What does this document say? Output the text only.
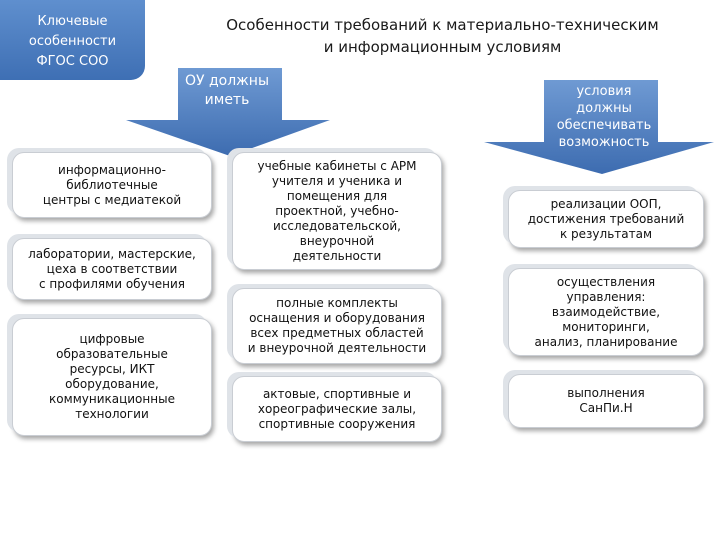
Ключевые
особенности
ФГОС СОО
Особенности требований к материально-техническим
и информационным условиям
ОУ должны
иметь
условия
должны
обеспечивать
возможность
информационно-
библиотечные
центры с медиатекой
лаборатории, мастерские,
цеха в соответствии
с профилями обучения
цифровые
образовательные
ресурсы, ИКТ
оборудование,
коммуникационные
технологии
учебные кабинеты с АРМ
учителя и ученика и
помещения для
проектной, учебно-
исследовательской,
внеурочной
деятельности
полные комплекты
оснащения и оборудования
всех предметных областей
и внеурочной деятельности
актовые, спортивные и
хореографические залы,
спортивные сооружения
реализации ООП,
достижения требований
к результатам
осуществления
управления:
взаимодействие,
мониторинги,
анализ, планирование
выполнения
СанПи.Н
